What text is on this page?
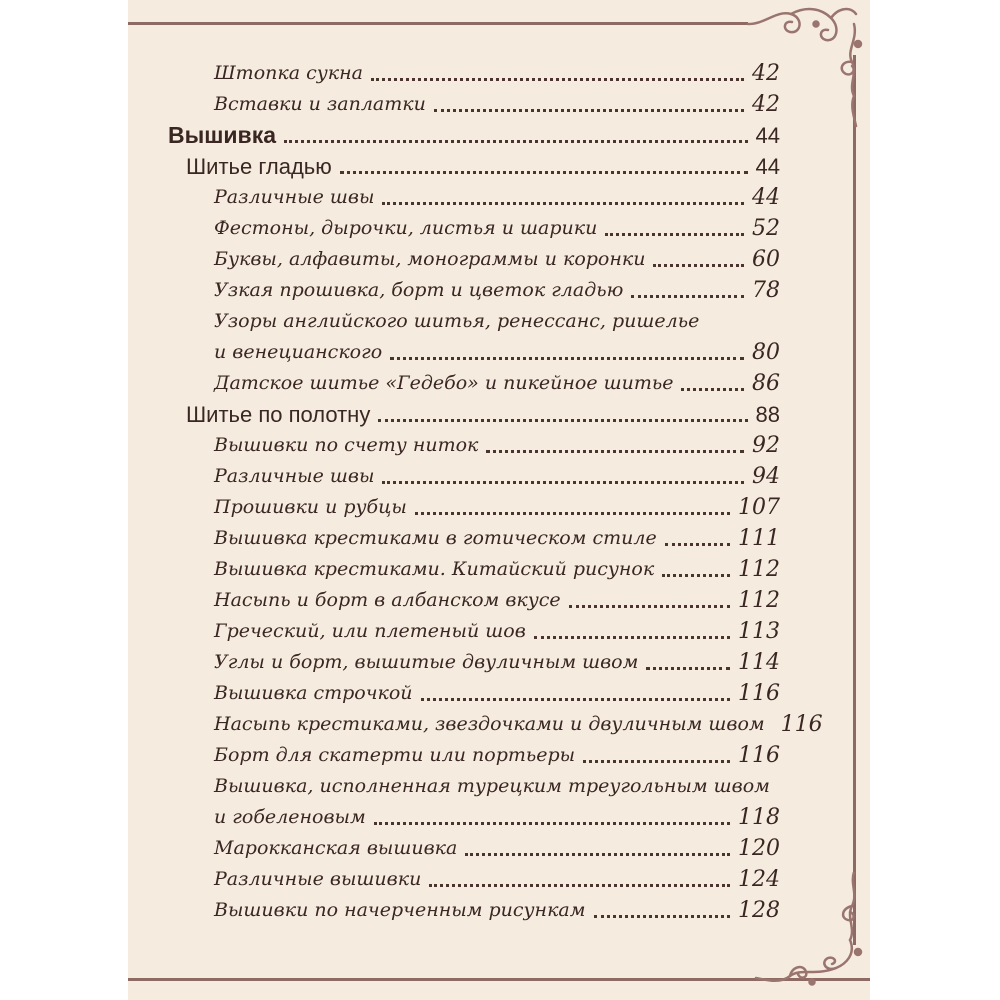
Штопка сукна	42
Вставки и заплатки	42
Вышивка	44
Шитье гладью	44
Различные швы	44
Фестоны, дырочки, листья и шарики	52
Буквы, алфавиты, монограммы и коронки	60
Узкая прошивка, борт и цветок гладью	78
Узоры английского шитья, ренессанс, ришелье
и венецианского	80
Датское шитье «Гедебо» и пикейное шитье	86
Шитье по полотну	88
Вышивки по счету ниток	92
Различные швы	94
Прошивки и рубцы	107
Вышивка крестиками в готическом стиле	111
Вышивка крестиками. Китайский рисунок	112
Насыпь и борт в албанском вкусе	112
Греческий, или плетеный шов	113
Углы и борт, вышитые двуличным швом	114
Вышивка строчкой	116
Насыпь крестиками, звездочками и двуличным швом 116
Борт для скатерти или портьеры	116
Вышивка, исполненная турецким треугольным швом
и гобеленовым	118
Марокканская вышивка	120
Различные вышивки	124
Вышивки по начерченным рисункам	128
